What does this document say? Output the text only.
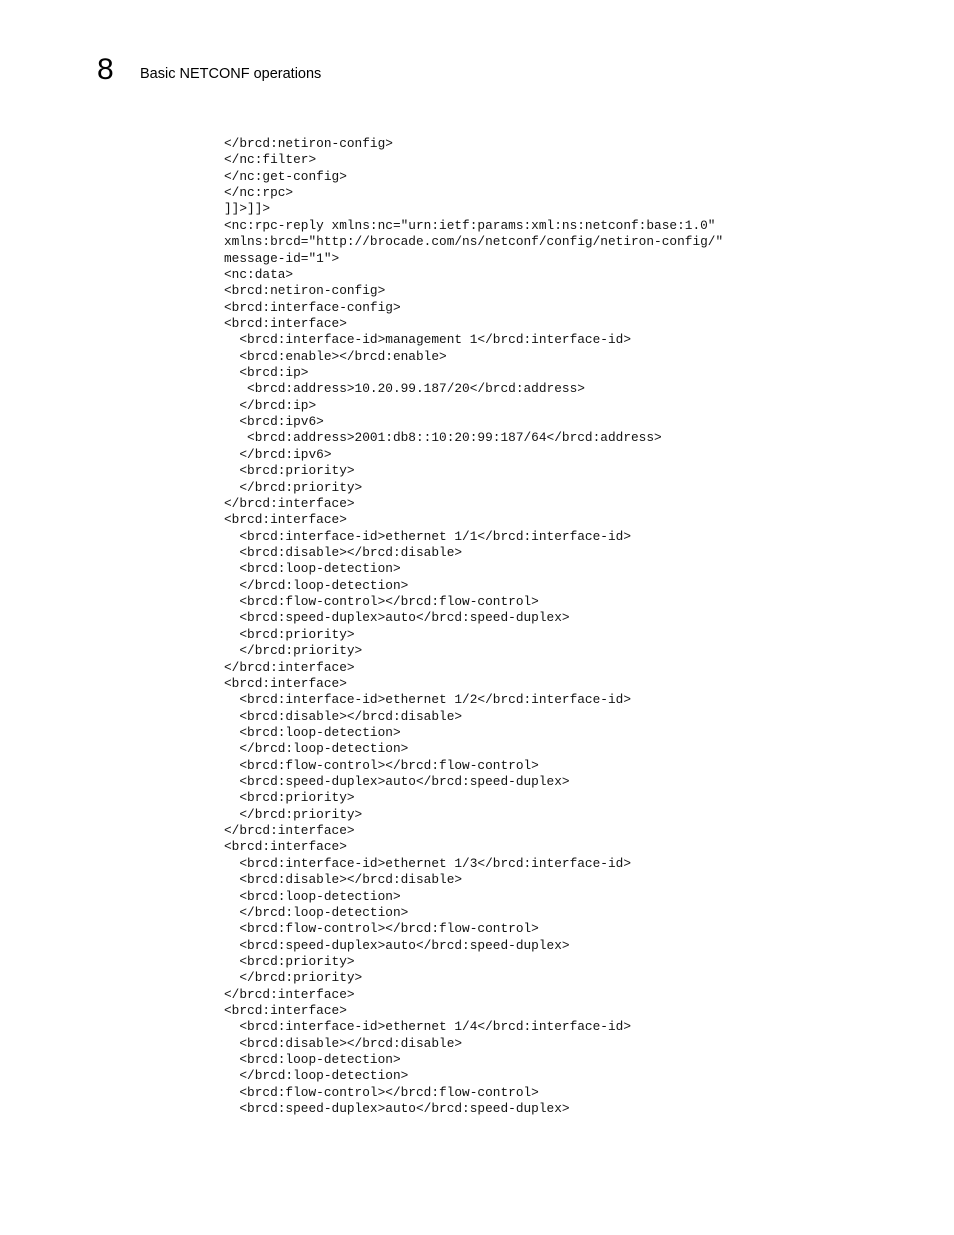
8 Basic NETCONF operations
</brcd:netiron-config>
</nc:filter>
</nc:get-config>
</nc:rpc>
]]>]]>
<nc:rpc-reply xmlns:nc="urn:ietf:params:xml:ns:netconf:base:1.0"
xmlns:brcd="http://brocade.com/ns/netconf/config/netiron-config/"
message-id="1">
<nc:data>
<brcd:netiron-config>
<brcd:interface-config>
<brcd:interface>
<brcd:interface-id>management 1</brcd:interface-id>
<brcd:enable></brcd:enable>
<brcd:ip>
<brcd:address>10.20.99.187/20</brcd:address>
</brcd:ip>
<brcd:ipv6>
<brcd:address>2001:db8::10:20:99:187/64</brcd:address>
</brcd:ipv6>
<brcd:priority>
</brcd:priority>
</brcd:interface>
<brcd:interface>
<brcd:interface-id>ethernet 1/1</brcd:interface-id>
<brcd:disable></brcd:disable>
<brcd:loop-detection>
</brcd:loop-detection>
<brcd:flow-control></brcd:flow-control>
<brcd:speed-duplex>auto</brcd:speed-duplex>
<brcd:priority>
</brcd:priority>
</brcd:interface>
<brcd:interface>
<brcd:interface-id>ethernet 1/2</brcd:interface-id>
<brcd:disable></brcd:disable>
<brcd:loop-detection>
</brcd:loop-detection>
<brcd:flow-control></brcd:flow-control>
<brcd:speed-duplex>auto</brcd:speed-duplex>
<brcd:priority>
</brcd:priority>
</brcd:interface>
<brcd:interface>
<brcd:interface-id>ethernet 1/3</brcd:interface-id>
<brcd:disable></brcd:disable>
<brcd:loop-detection>
</brcd:loop-detection>
<brcd:flow-control></brcd:flow-control>
<brcd:speed-duplex>auto</brcd:speed-duplex>
<brcd:priority>
</brcd:priority>
</brcd:interface>
<brcd:interface>
<brcd:interface-id>ethernet 1/4</brcd:interface-id>
<brcd:disable></brcd:disable>
<brcd:loop-detection>
</brcd:loop-detection>
<brcd:flow-control></brcd:flow-control>
<brcd:speed-duplex>auto</brcd:speed-duplex>
